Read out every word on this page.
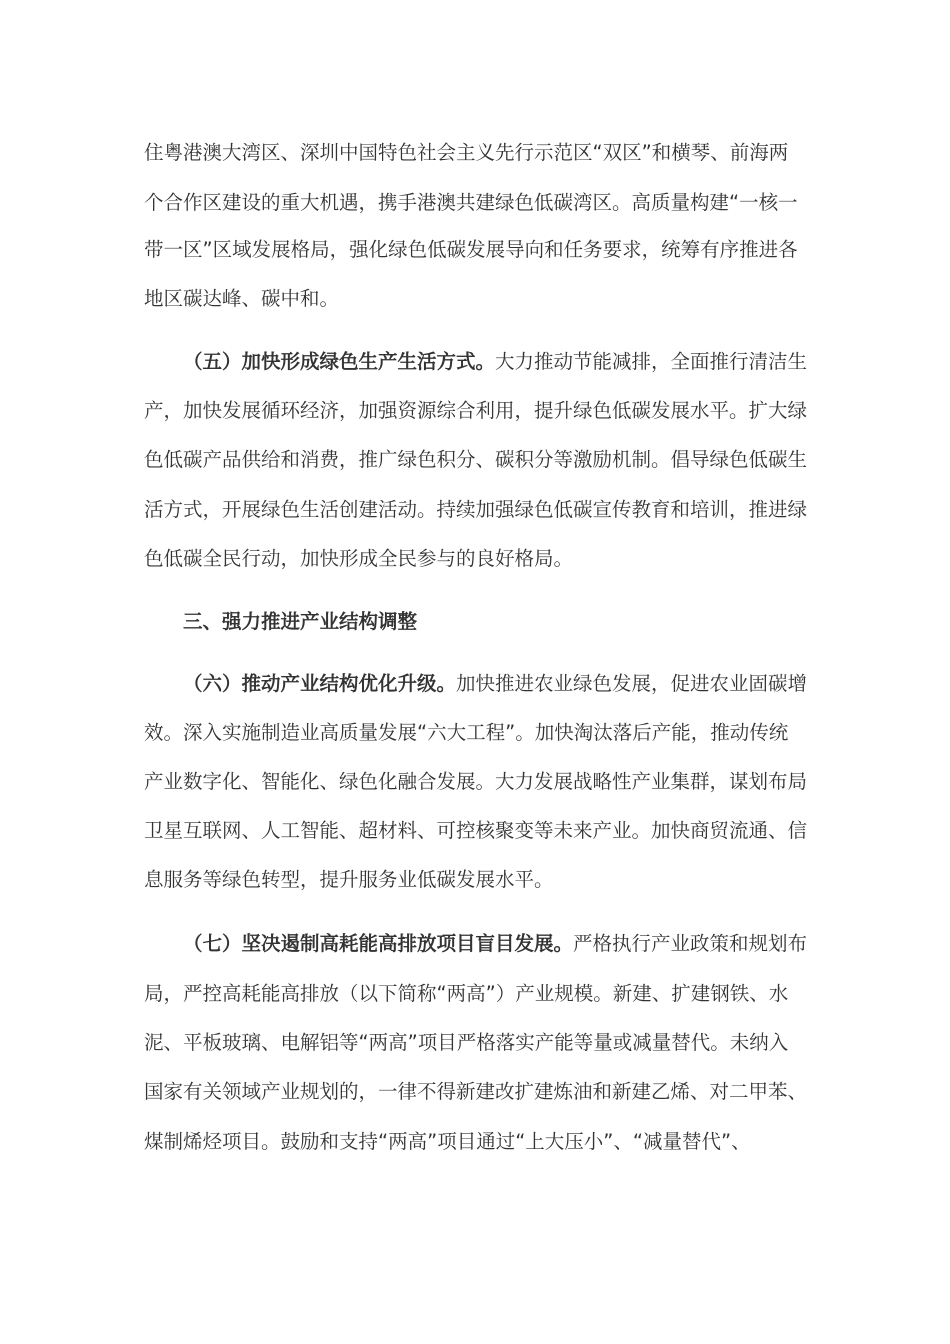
住粤港澳大湾区、深圳中国特色社会主义先行示范区“双区”和横琴、前海两
个合作区建设的重大机遇，携手港澳共建绿色低碳湾区。高质量构建“一核一
带一区”区域发展格局，强化绿色低碳发展导向和任务要求，统筹有序推进各
地区碳达峰、碳中和。
（五）加快形成绿色生产生活方式。大力推动节能减排，全面推行清洁生
产，加快发展循环经济，加强资源综合利用，提升绿色低碳发展水平。扩大绿
色低碳产品供给和消费，推广绿色积分、碳积分等激励机制。倡导绿色低碳生
活方式，开展绿色生活创建活动。持续加强绿色低碳宣传教育和培训，推进绿
色低碳全民行动，加快形成全民参与的良好格局。
三、强力推进产业结构调整
（六）推动产业结构优化升级。加快推进农业绿色发展，促进农业固碳增
效。深入实施制造业高质量发展“六大工程”。加快淘汰落后产能，推动传统
产业数字化、智能化、绿色化融合发展。大力发展战略性产业集群，谋划布局
卫星互联网、人工智能、超材料、可控核聚变等未来产业。加快商贸流通、信
息服务等绿色转型，提升服务业低碳发展水平。
（七）坚决遏制高耗能高排放项目盲目发展。严格执行产业政策和规划布
局，严控高耗能高排放（以下简称“两高”）产业规模。新建、扩建钢铁、水
泥、平板玻璃、电解铝等“两高”项目严格落实产能等量或减量替代。未纳入
国家有关领域产业规划的，一律不得新建改扩建炼油和新建乙烯、对二甲苯、
煤制烯烃项目。鼓励和支持“两高”项目通过“上大压小”、“减量替代”、
